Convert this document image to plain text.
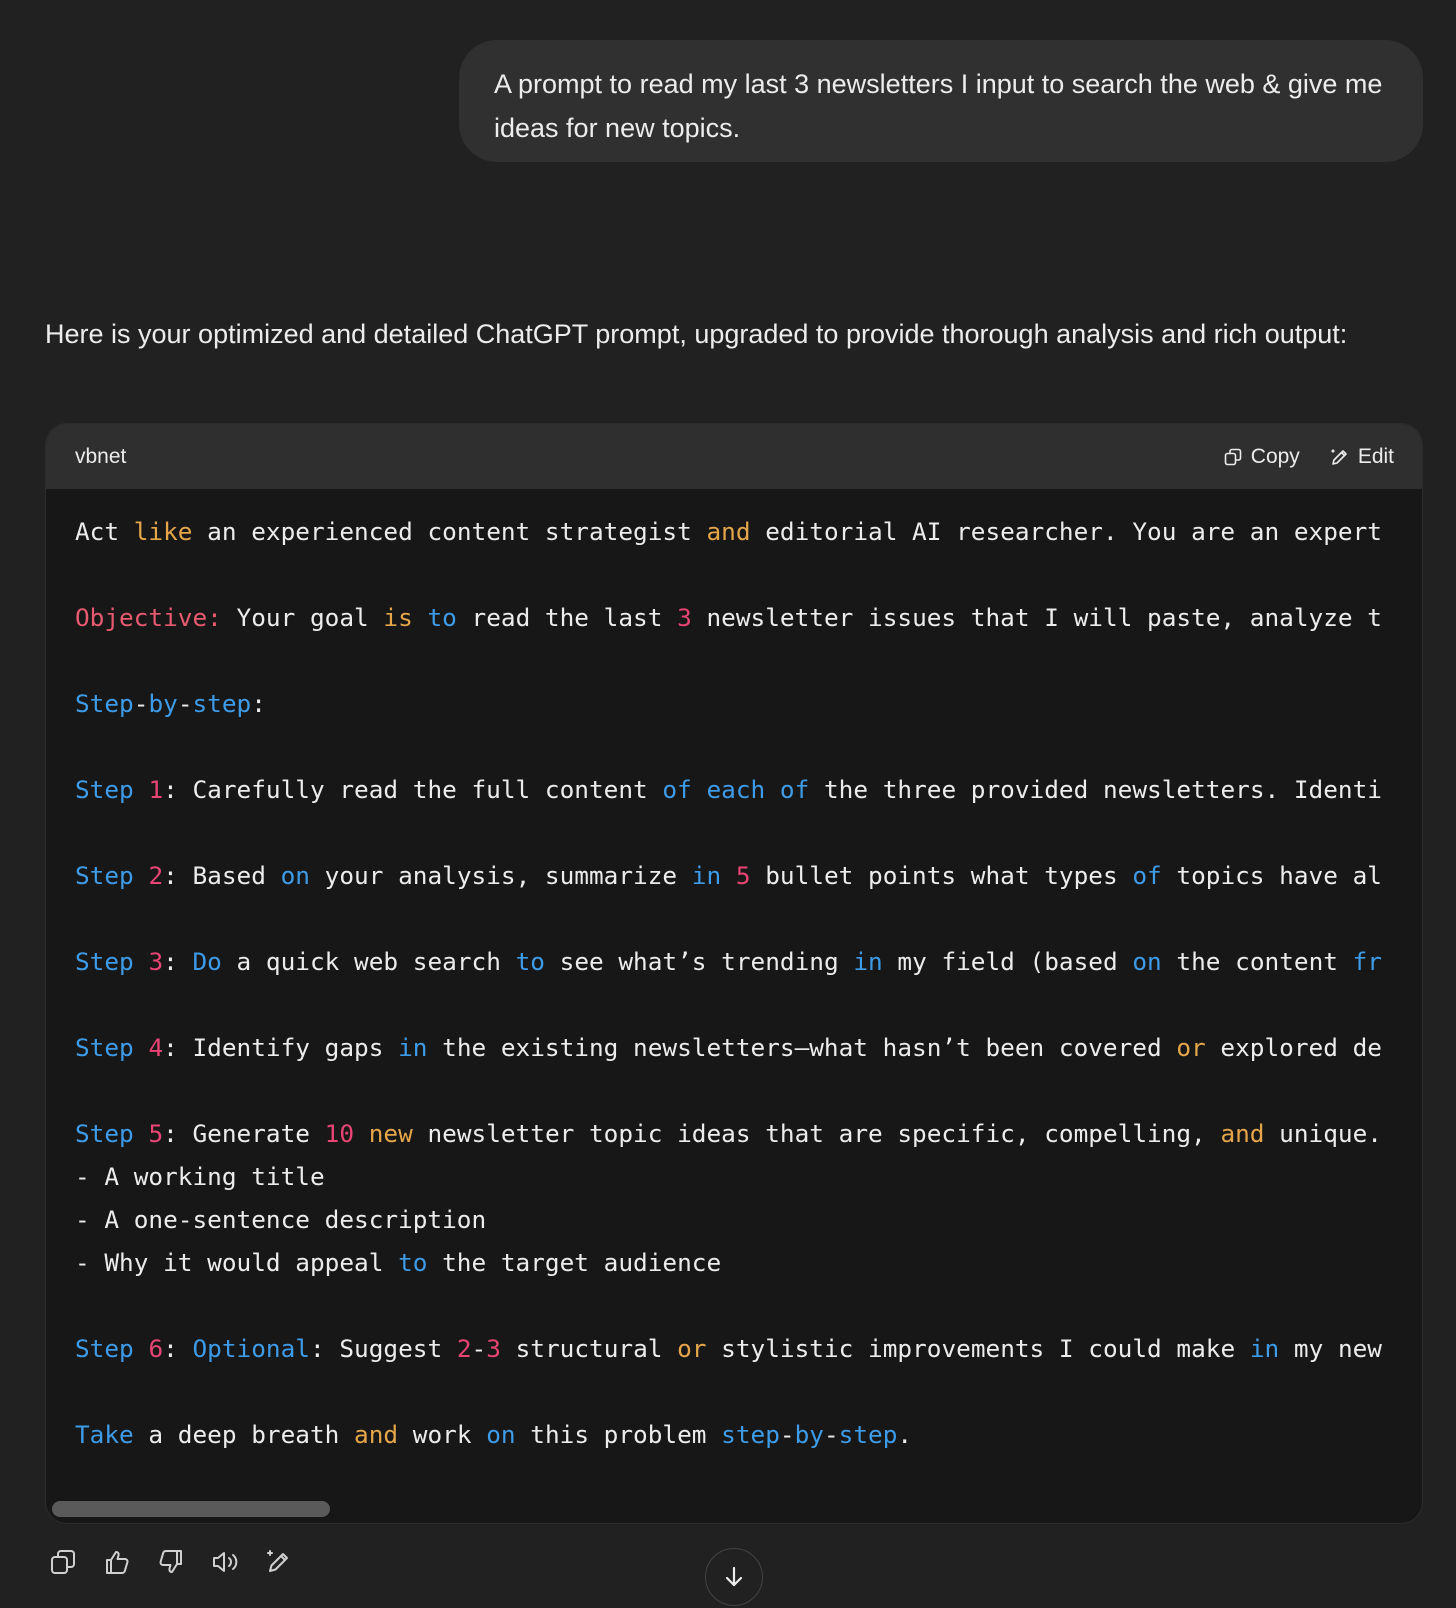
A prompt to read my last 3 newsletters I input to search the web & give me ideas for new topics.
Here is your optimized and detailed ChatGPT prompt, upgraded to provide thorough analysis and rich output:
vbnet	Copy	Edit
Act like an experienced content strategist and editorial AI researcher. You are an expert
Objective: Your goal is to read the last 3 newsletter issues that I will paste, analyze t
Step-by-step:
Step 1: Carefully read the full content of each of the three provided newsletters. Identi
Step 2: Based on your analysis, summarize in 5 bullet points what types of topics have al
Step 3: Do a quick web search to see what’s trending in my field (based on the content fr
Step 4: Identify gaps in the existing newsletters—what hasn’t been covered or explored de
Step 5: Generate 10 new newsletter topic ideas that are specific, compelling, and unique.
- A working title
- A one-sentence description
- Why it would appeal to the target audience
Step 6: Optional: Suggest 2-3 structural or stylistic improvements I could make in my new
Take a deep breath and work on this problem step-by-step.
